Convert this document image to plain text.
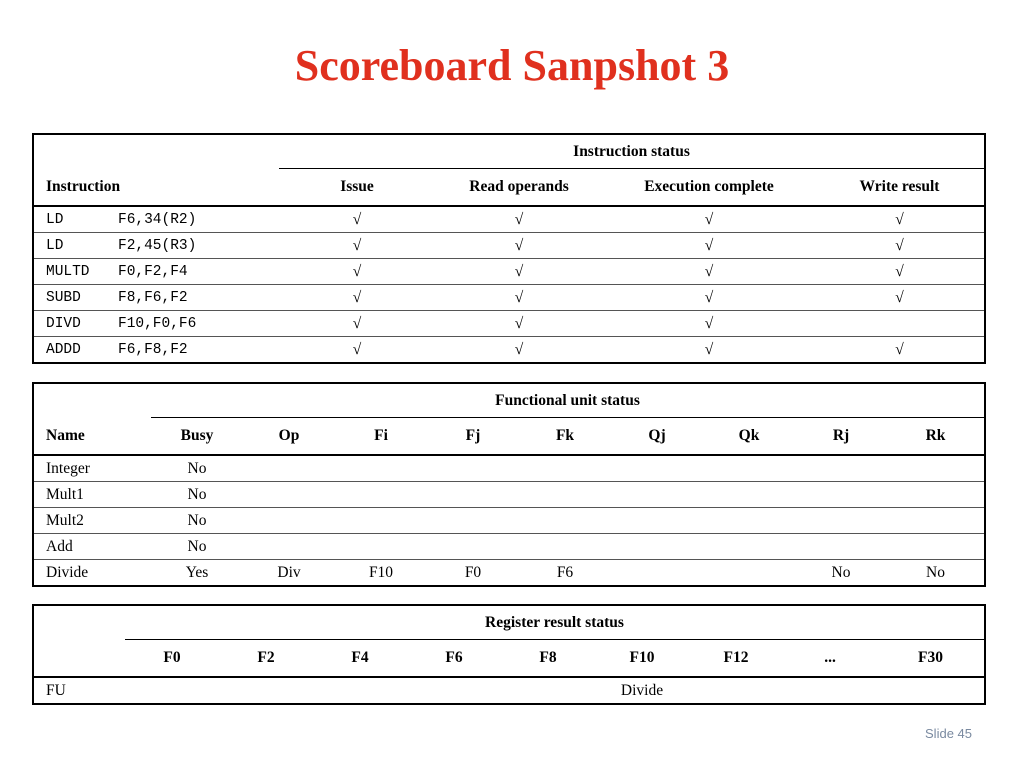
Scoreboard Sanpshot 3
	Instruction status			
Instruction	Issue	Read operands	Execution complete	Write result
LD F6,34(R2)	√	√	√	√
LD F2,45(R3)	√	√	√	√
MULTD F0,F2,F4	√	√	√	√
SUBD F8,F6,F2	√	√	√	√
DIVD F10,F0,F6	√	√	√	
ADDD F6,F8,F2	√	√	√	√
	Functional unit status								
Name	Busy	Op	Fi	Fj	Fk	Qj	Qk	Rj	Rk
Integer	No								
Mult1	No								
Mult2	No								
Add	No								
Divide	Yes	Div	F10	F0	F6			No	No
	Register result status								
	F0	F2	F4	F6	F8	F10	F12	...	F30
FU						Divide			
Slide 45
